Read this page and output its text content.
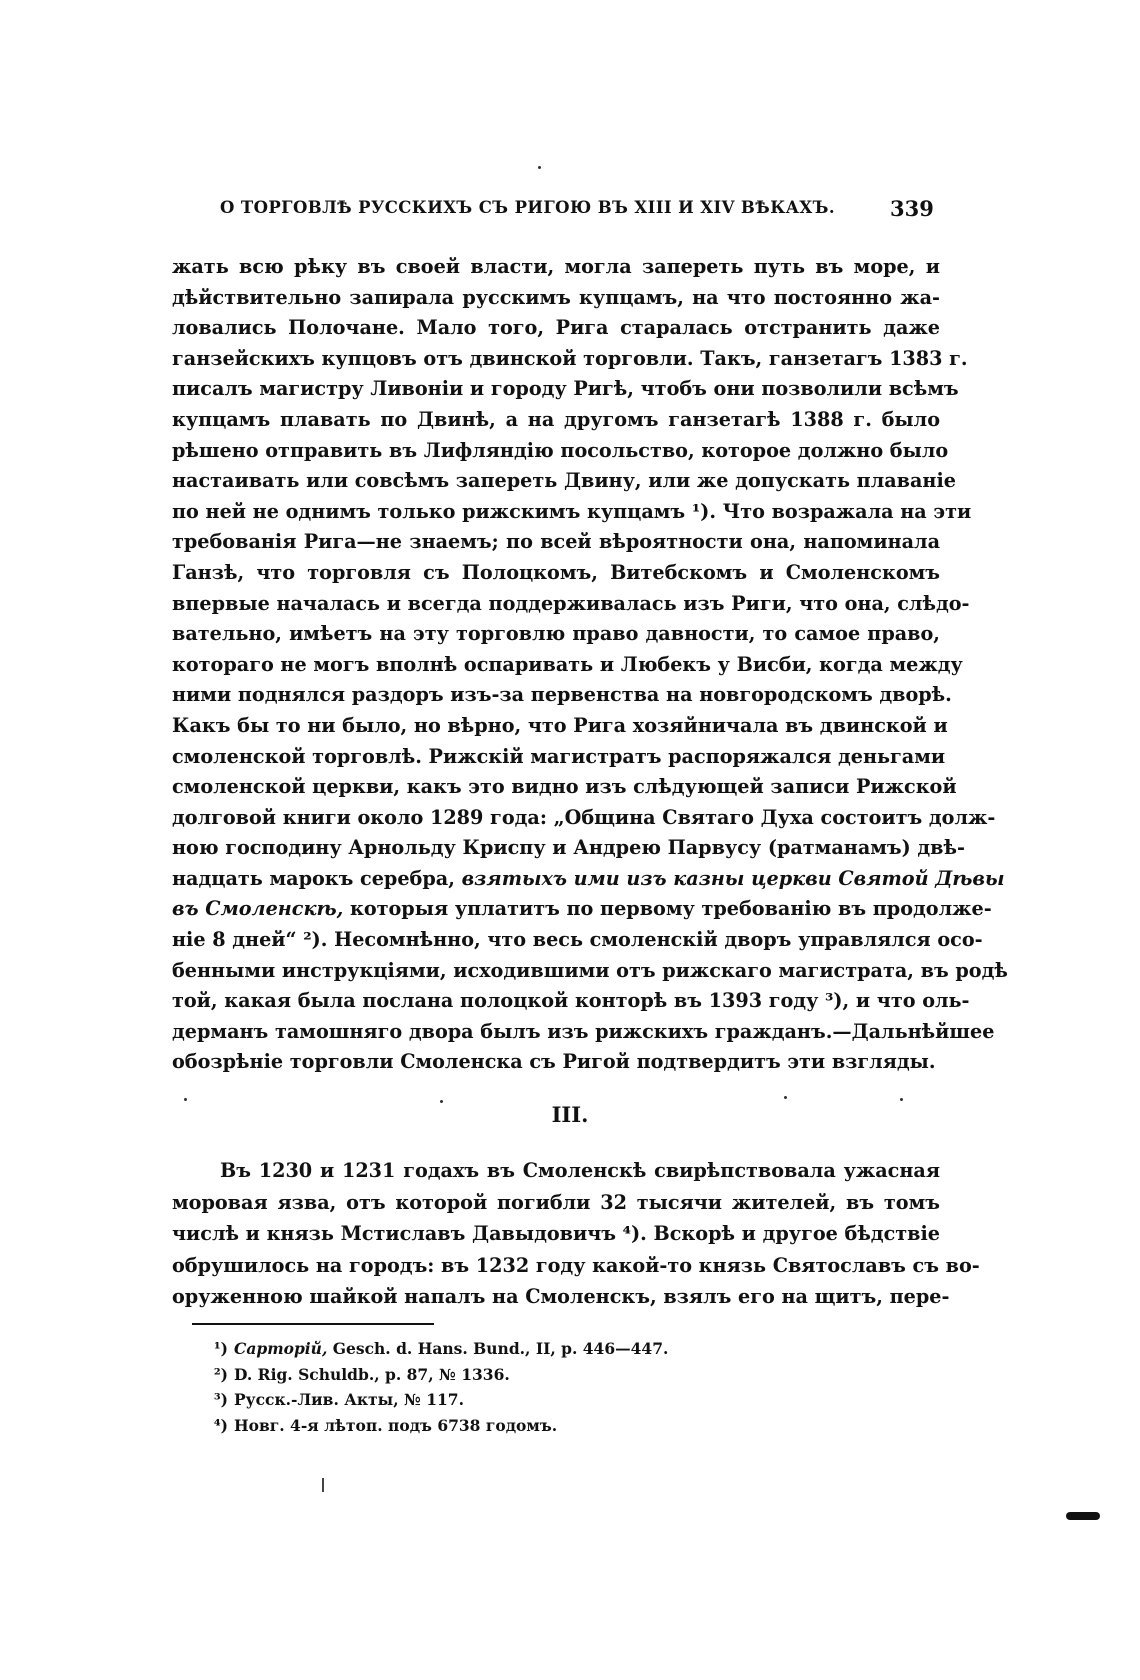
О ТОРГОВЛѢ РУССКИХЪ СЪ РИГОЮ ВЪ XIII И XIV ВѢКАХЪ.	339
жать всю рѣку въ своей власти, могла запереть путь въ море, и
дѣйствительно запирала русскимъ купцамъ, на что постоянно жа-
ловались Полочане. Мало того, Рига старалась отстранить даже
ганзейскихъ купцовъ отъ двинской торговли. Такъ, ганзетагъ 1383 г.
писалъ магистру Ливоніи и городу Ригѣ, чтобъ они позволили всѣмъ
купцамъ плавать по Двинѣ, а на другомъ ганзетагѣ 1388 г. было
рѣшено отправить въ Лифляндію посольство, которое должно было
настаивать или совсѣмъ запереть Двину, или же допускать плаваніе
по ней не однимъ только рижскимъ купцамъ ¹). Что возражала на эти
требованія Рига—не знаемъ; по всей вѣроятности она, напоминала
Ганзѣ, что торговля съ Полоцкомъ, Витебскомъ и Смоленскомъ
впервые началась и всегда поддерживалась изъ Риги, что она, слѣдо-
вательно, имѣетъ на эту торговлю право давности, то самое право,
котораго не могъ вполнѣ оспаривать и Любекъ у Висби, когда между
ними поднялся раздоръ изъ-за первенства на новгородскомъ дворѣ.
Какъ бы то ни было, но вѣрно, что Рига хозяйничала въ двинской и
смоленской торговлѣ. Рижскій магистратъ распоряжался деньгами
смоленской церкви, какъ это видно изъ слѣдующей записи Рижской
долговой книги около 1289 года: „Община Святаго Духа состоитъ долж-
ною господину Арнольду Криспу и Андрею Парвусу (ратманамъ) двѣ-
надцать марокъ серебра, взятыхъ ими изъ казны церкви Святой Дѣвы
въ Смоленскѣ, которыя уплатитъ по первому требованію въ продолже-
ніе 8 дней“ ²). Несомнѣнно, что весь смоленскій дворъ управлялся осо-
бенными инструкціями, исходившими отъ рижскаго магистрата, въ родѣ
той, какая была послана полоцкой конторѣ въ 1393 году ³), и что оль-
дерманъ тамошняго двора былъ изъ рижскихъ гражданъ.—Дальнѣйшее
обозрѣніе торговли Смоленска съ Ригой подтвердитъ эти взгляды.
III.
Въ 1230 и 1231 годахъ въ Смоленскѣ свирѣпствовала ужасная
моровая язва, отъ которой погибли 32 тысячи жителей, въ томъ
числѣ и князь Мстиславъ Давыдовичъ ⁴). Вскорѣ и другое бѣдствіе
обрушилось на городъ: въ 1232 году какой-то князь Святославъ съ во-
оруженною шайкой напалъ на Смоленскъ, взялъ его на щитъ, пере-
¹) Сарторій, Gesch. d. Hans. Bund., II, p. 446—447.
²) D. Rig. Schuldb., p. 87, № 1336.
³) Русск.-Лив. Акты, № 117.
⁴) Новг. 4-я лѣтоп. подъ 6738 годомъ.
